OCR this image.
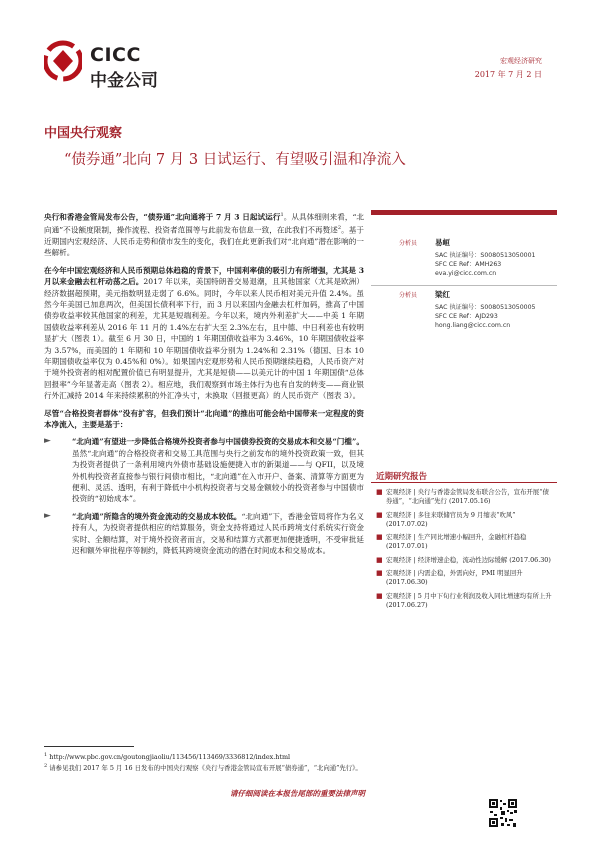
CICC
中金公司
宏观经济研究
2017 年 7 月 2 日
中国央行观察
“债券通”北向 7 月 3 日试运行、有望吸引温和净流入

央行和香港金管局发布公告，“债券通”北向通将于 7 月 3 日起试运行$^1$。从具体细则来看，“北向通”不设额度限制，操作流程、投资者范围等与此前发布信息一致，在此我们不再赘述$^2$。基于近期国内宏观经济、人民币走势和债市发生的变化，我们在此更新我们对“北向通”潜在影响的一些解析。

在今年中国宏观经济和人民币预期总体趋稳的背景下，中国利率债的吸引力有所增强，尤其是 3 月以来金融去杠杆动荡之后。2017 年以来，美国特朗普交易退潮，且其他国家（尤其是欧洲）经济数据超预期，美元指数明显走弱了 6.6%。同时，今年以来人民币相对美元升值 2.4%。虽然今年美国已加息两次，但美国长债利率下行，而 3 月以来国内金融去杠杆加码，推高了中国债券收益率较其他国家的利差，尤其是短端利差。今年以来，境内外利差扩大——中美 1 年期国债收益率利差从 2016 年 11 月的 1.4%左右扩大至 2.3%左右，且中德、中日利差也有较明显扩大（图表 1）。截至 6 月 30 日，中国的 1 年期国债收益率为 3.46%，10 年期国债收益率为 3.57%，而美国的 1 年期和 10 年期国债收益率分别为 1.24%和 2.31%（德国、日本 10 年期国债收益率仅为 0.45%和 0%）。如果国内宏观形势和人民币预期继续趋稳，人民币资产对于境外投资者的相对配置价值已有明显提升，尤其是短债——以美元计的中国 1 年期国债“总体回报率”今年显著走高（图表 2）。相应地，我们观察到市场主体行为也有自发的转变——商业银行外汇减持 2014 年来持续累积的外汇净头寸，未换取（回报更高）的人民币资产（图表 3）。

尽管“合格投资者群体”没有扩容，但我们预计“北向通”的推出可能会给中国带来一定程度的资本净流入，主要是基于：

►	“北向通”有望进一步降低合格境外投资者参与中国债券投资的交易成本和交易“门槛”。虽然“北向通”的合格投资者和交易工具范围与央行之前发布的境外投资政策一致，但其为投资者提供了一条利用境内外债市基础设施便捷入市的新渠道——与 QFII，以及境外机构投资者直接参与银行间债市相比，“北向通”在入市开户、备案、清算等方面更为便利、灵活、透明，有利于降低中小机构投资者与交易金额较小的投资者参与中国债市投资的“初始成本”。
►	“北向通”所隐含的境外资金流动的交易成本较低。“北向通”下，香港金管局将作为名义持有人，为投资者提供相应的结算服务，资金支持将通过人民币跨境支付系统实行资金实时、全额结算，对于境外投资者而言，交易和结算方式都更加便捷透明，不受审批延迟和额外审批程序等制约，降低其跨境资金流动的潜在时间成本和交易成本。
分析员 易峘
SAC 执证编号：S0080513050001
SFC CE Ref：AMH263
eva.yi@cicc.com.cn
分析员 梁红
SAC 执证编号：S0080513050005
SFC CE Ref：AJD293
hong.liang@cicc.com.cn
近期研究报告
■ 宏观经济 | 央行与香港金管局发布联合公告，宣布开展“债券通”，“北向通”先行 (2017.05.16)
■ 宏观经济 | 多往来联储官员为 9 月缩表“吹风” (2017.07.02)
■ 宏观经济 | 生产同比增速小幅回升，金融杠杆趋稳 (2017.07.01)
■ 宏观经济 | 经济增速企稳，流动性边际缓解 (2017.06.30)
■ 宏观经济 | 内需企稳，外需向好，PMI 明显回升 (2017.06.30)
■ 宏观经济 | 5 月中下旬行业利润及收入同比增速均有所上升 (2017.06.27)
$^1$ http://www.pbc.gov.cn/goutongjiaoliu/113456/113469/3336812/index.html
$^2$ 请参见我们 2017 年 5 月 16 日发布的中国央行观察《央行与香港金管局宣布开展“债券通”，“北向通”先行》。
请仔细阅读在本报告尾部的重要法律声明
